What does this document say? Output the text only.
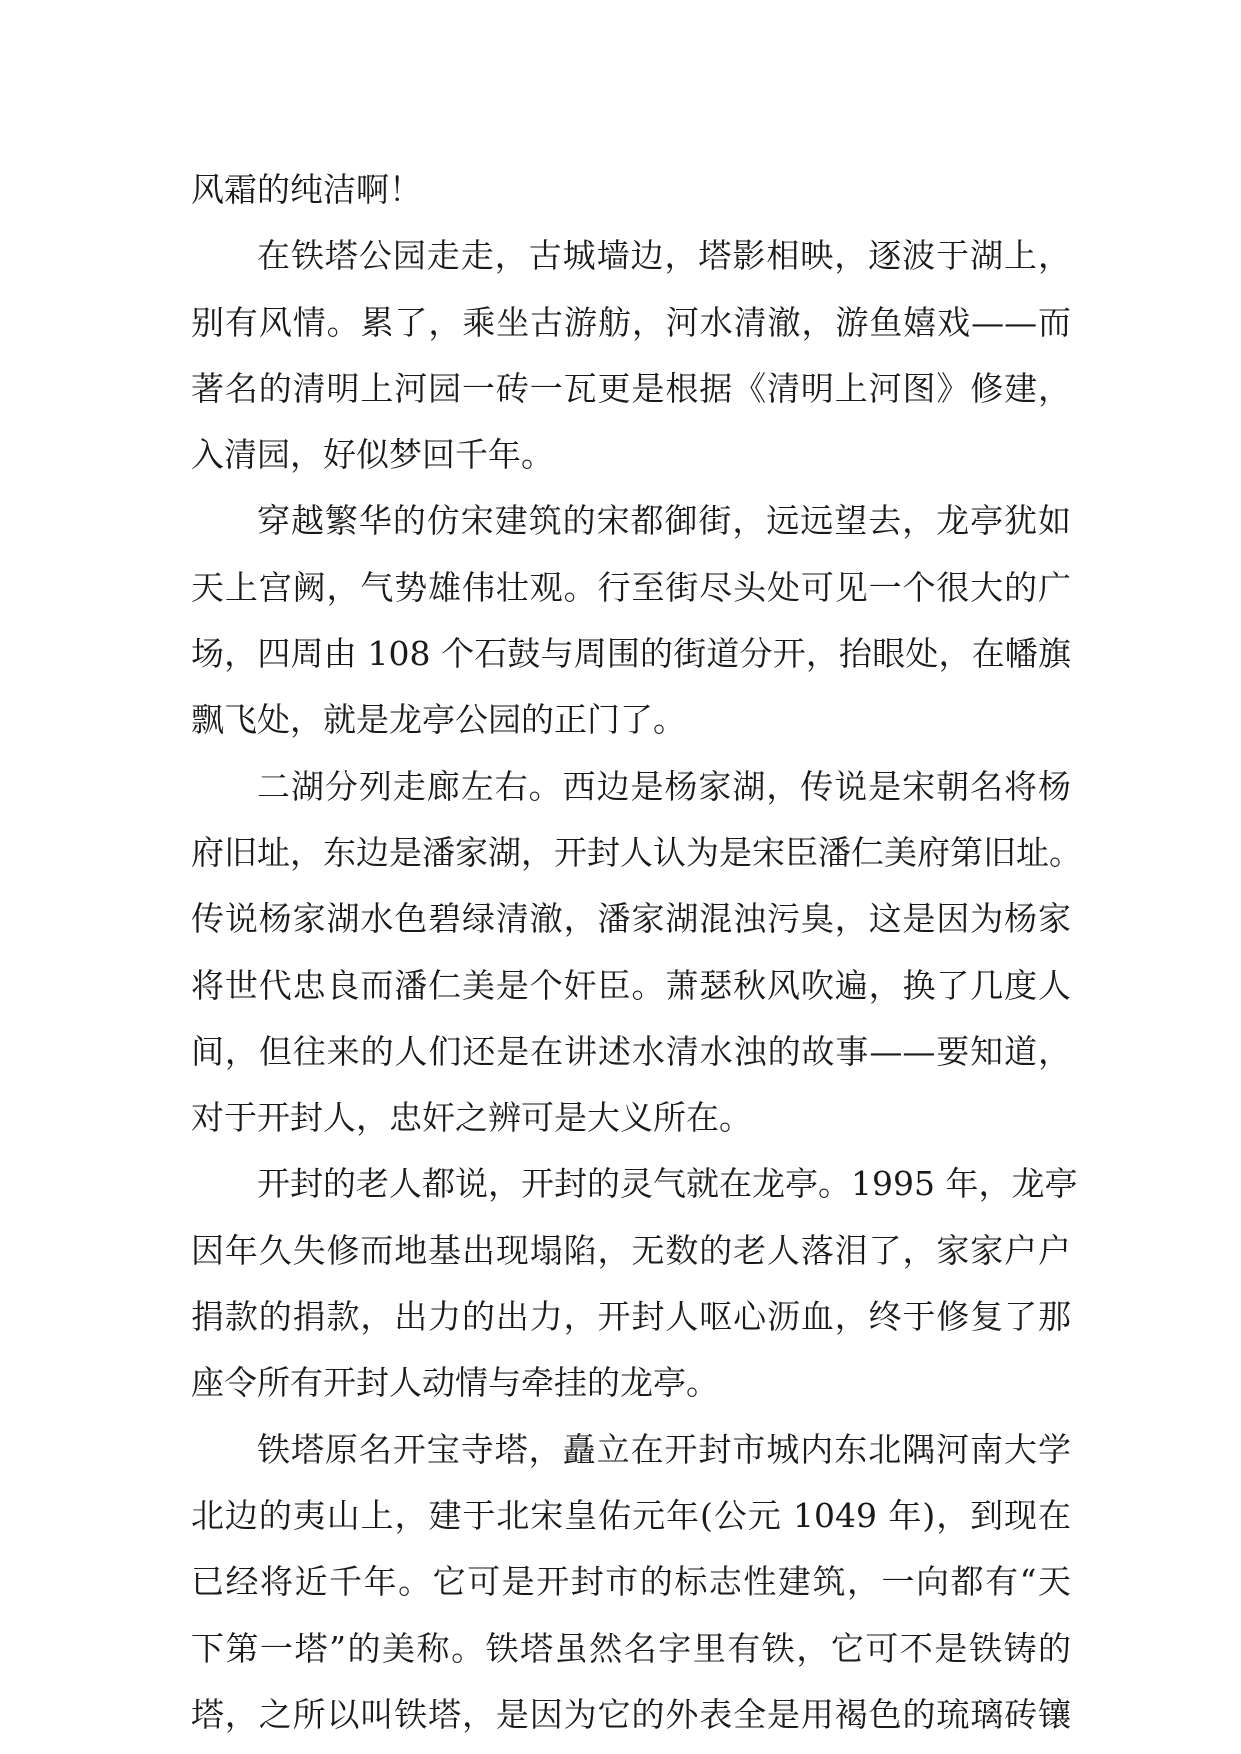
风霜的纯洁啊！
在铁塔公园走走，古城墙边，塔影相映，逐波于湖上，
别有风情。累了，乘坐古游舫，河水清澈，游鱼嬉戏——而
著名的清明上河园一砖一瓦更是根据《清明上河图》修建，
入清园，好似梦回千年。
穿越繁华的仿宋建筑的宋都御街，远远望去，龙亭犹如
天上宫阙，气势雄伟壮观。行至街尽头处可见一个很大的广
场，四周由 108 个石鼓与周围的街道分开，抬眼处，在幡旗
飘飞处，就是龙亭公园的正门了。
二湖分列走廊左右。西边是杨家湖，传说是宋朝名将杨
府旧址，东边是潘家湖，开封人认为是宋臣潘仁美府第旧址。
传说杨家湖水色碧绿清澈，潘家湖混浊污臭，这是因为杨家
将世代忠良而潘仁美是个奸臣。萧瑟秋风吹遍，换了几度人
间，但往来的人们还是在讲述水清水浊的故事——要知道，
对于开封人，忠奸之辨可是大义所在。
开封的老人都说，开封的灵气就在龙亭。1995 年，龙亭
因年久失修而地基出现塌陷，无数的老人落泪了，家家户户
捐款的捐款，出力的出力，开封人呕心沥血，终于修复了那
座令所有开封人动情与牵挂的龙亭。
铁塔原名开宝寺塔，矗立在开封市城内东北隅河南大学
北边的夷山上，建于北宋皇佑元年(公元 1049 年)，到现在
已经将近千年。它可是开封市的标志性建筑，一向都有“天
下第一塔”的美称。铁塔虽然名字里有铁，它可不是铁铸的
塔，之所以叫铁塔，是因为它的外表全是用褐色的琉璃砖镶
